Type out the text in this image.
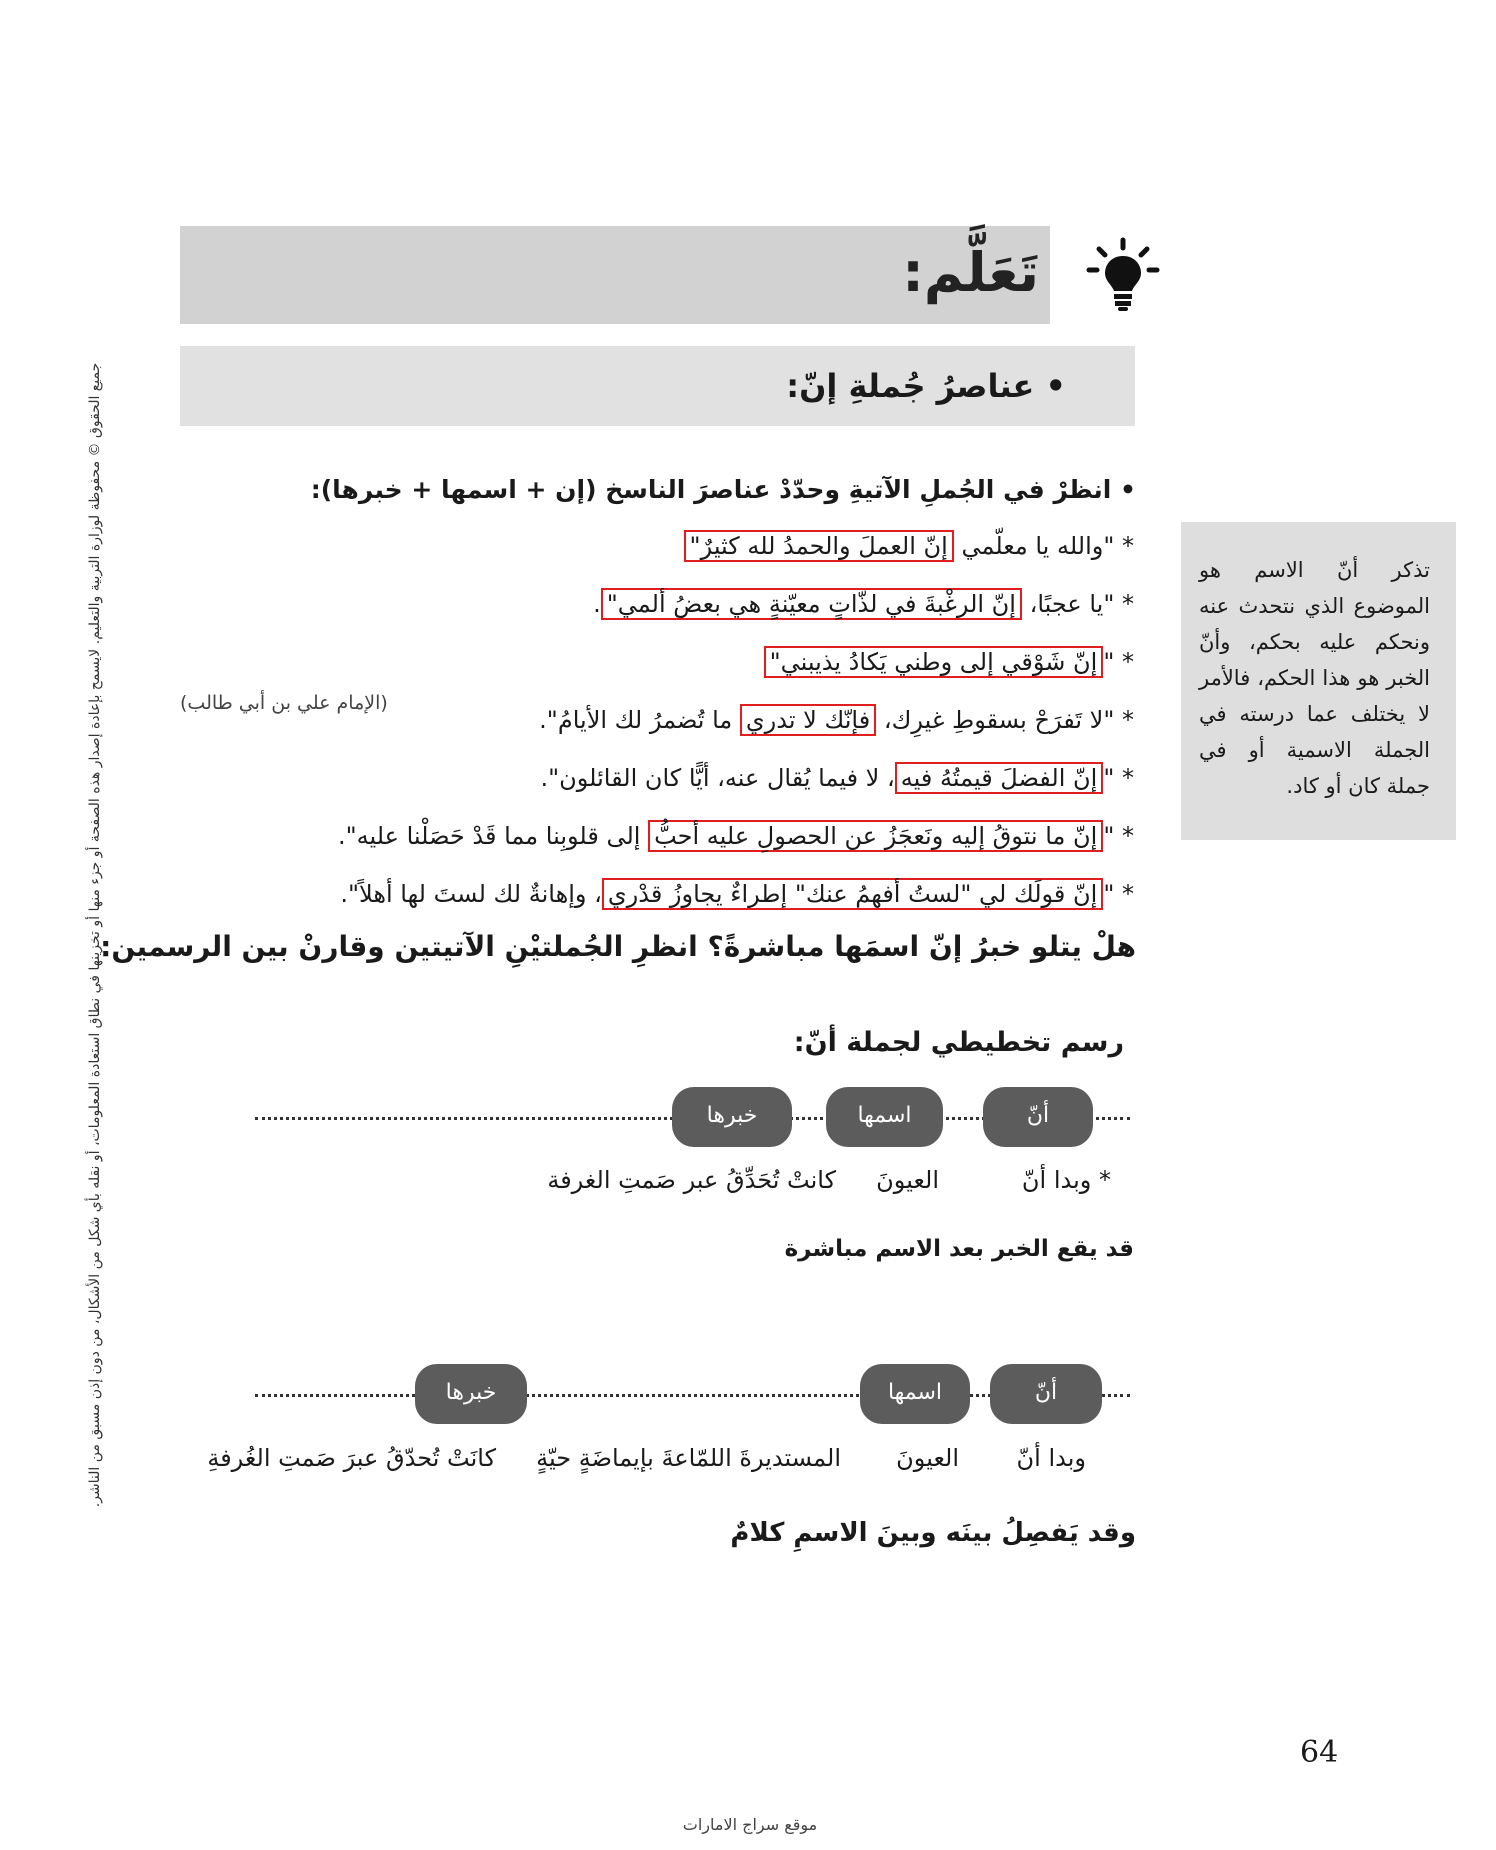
جميع الحقوق © محفوظة لوزارة التربية والتعليم. لايسمح بإعادة إصدار هذه الصفحة أو جزء منها أو تخزينها في نطاق استعادة المعلومات، أو نقله بأي شكل من الأشكال، من دون إذن مسبق من الناشر.
تَعَلَّم:
• عناصرُ جُملةِ إنّ:
• انظرْ في الجُملِ الآتيةِ وحدّدْ عناصرَ الناسخ (إن + اسمها + خبرها):
* "والله يا معلّمي إنّ العملَ والحمدُ لله كثيرٌ"
* "يا عجبًا، إنّ الرغْبةَ في لذّاتٍ معيّنةٍ هي بعضُ ألمي".
* "إنّ شَوْقي إلى وطني يَكادُ يذيبني"
* "لا تَفرَحْ بسقوطِ غيرِك، فإنّك لا تدري ما تُضمرُ لك الأيامُ".
* "إنّ الفضلَ قيمتُهُ فيه، لا فيما يُقال عنه، أيًّا كان القائلون".
* "إنّ ما نتوقُ إليه ونَعجَزُ عن الحصولِ عليه أحبُّ إلى قلوبِنا مما قَدْ حَصَلْنا عليه".
* "إنّ قولَك لي "لستُ أفهمُ عنك" إطراءٌ يجاوزُ قدْري، وإهانةٌ لك لستَ لها أهلاً".
(الإمام علي بن أبي طالب)
تذكر أنّ الاسم هو الموضوع الذي نتحدث عنه ونحكم عليه بحكم، وأنّ الخبر هو هذا الحكم، فالأمر لا يختلف عما درسته في الجملة الاسمية أو في جملة كان أو كاد.
هلْ يتلو خبرُ إنّ اسمَها مباشرةً؟ انظرِ الجُملتيْنِ الآتيتين وقارنْ بين الرسمين:
رسم تخطيطي لجملة أنّ:
أنّ
اسمها
خبرها
* وبدا أنّ
العيونَ
كانتْ تُحَدِّقُ عبر صَمتِ الغرفة
قد يقع الخبر بعد الاسم مباشرة
أنّ
اسمها
خبرها
وبدا أنّ
العيونَ
المستديرةَ اللمّاعةَ بإيماضَةٍ حيّةٍ
كانَتْ تُحدّقُ عبرَ صَمتِ الغُرفةِ
وقد يَفصِلُ بينَه وبينَ الاسمِ كلامٌ
64
موقع سراج الامارات
